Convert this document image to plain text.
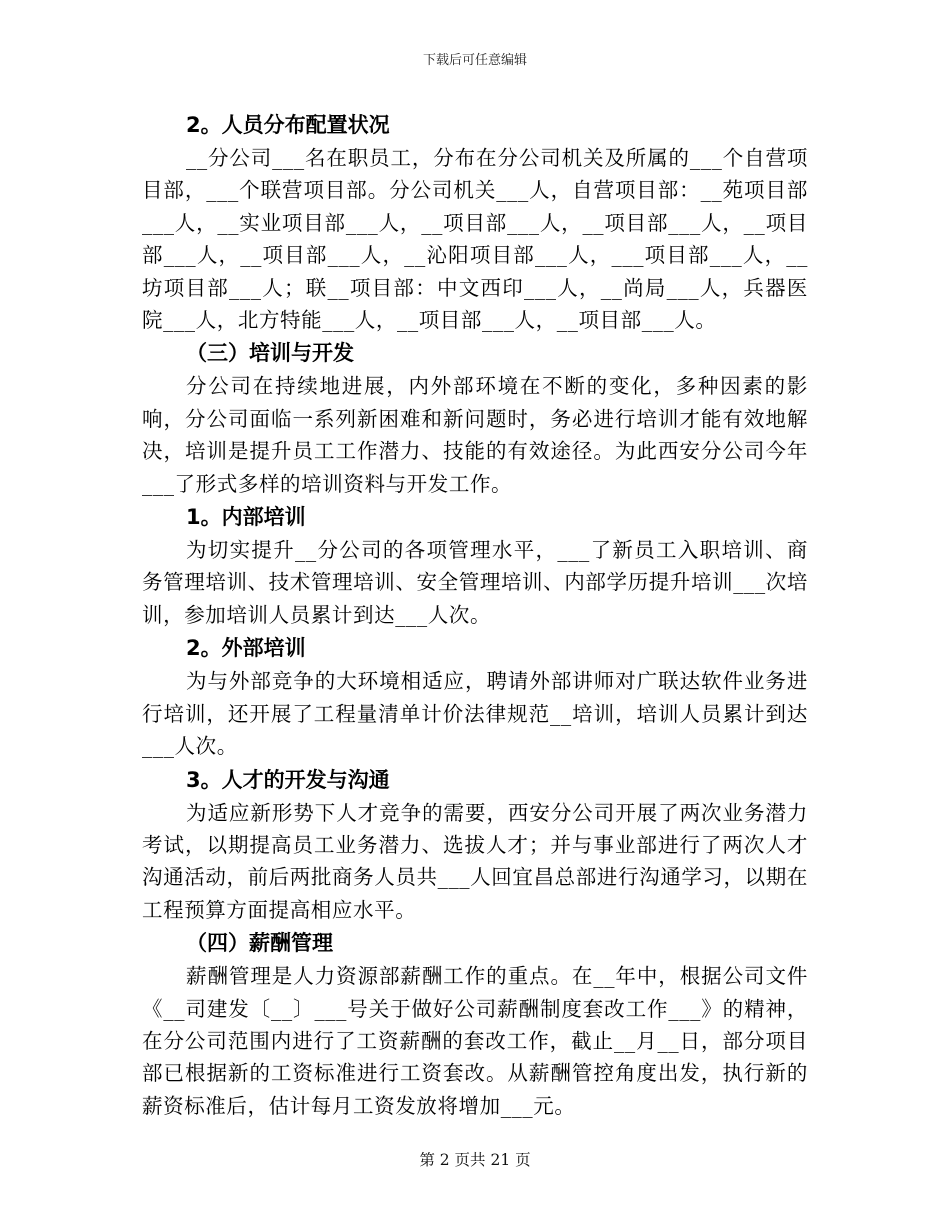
下载后可任意编辑
2。人员分布配置状况

__分公司___名在职员工，分布在分公司机关及所属的___个自营项目部，___个联营项目部。分公司机关___人，自营项目部：__苑项目部___人，__实业项目部___人，__项目部___人，__项目部___人，__项目部___人，__项目部___人，__沁阳项目部___人，___项目部___人，__坊项目部___人；联__项目部：中文西印___人，__尚局___人，兵器医院___人，北方特能___人，__项目部___人，__项目部___人。

（三）培训与开发

分公司在持续地进展，内外部环境在不断的变化，多种因素的影响，分公司面临一系列新困难和新问题时，务必进行培训才能有效地解决，培训是提升员工工作潜力、技能的有效途径。为此西安分公司今年___了形式多样的培训资料与开发工作。

1。内部培训

为切实提升__分公司的各项管理水平，___了新员工入职培训、商务管理培训、技术管理培训、安全管理培训、内部学历提升培训___次培训，参加培训人员累计到达___人次。

2。外部培训

为与外部竞争的大环境相适应，聘请外部讲师对广联达软件业务进行培训，还开展了工程量清单计价法律规范__培训，培训人员累计到达___人次。

3。人才的开发与沟通

为适应新形势下人才竞争的需要，西安分公司开展了两次业务潜力考试，以期提高员工业务潜力、选拔人才；并与事业部进行了两次人才沟通活动，前后两批商务人员共___人回宜昌总部进行沟通学习，以期在工程预算方面提高相应水平。

（四）薪酬管理

薪酬管理是人力资源部薪酬工作的重点。在__年中，根据公司文件《__司建发〔__〕___号关于做好公司薪酬制度套改工作___》的精神，在分公司范围内进行了工资薪酬的套改工作，截止__月__日，部分项目部已根据新的工资标准进行工资套改。从薪酬管控角度出发，执行新的薪资标准后，估计每月工资发放将增加___元。

第 2 页共 21 页
